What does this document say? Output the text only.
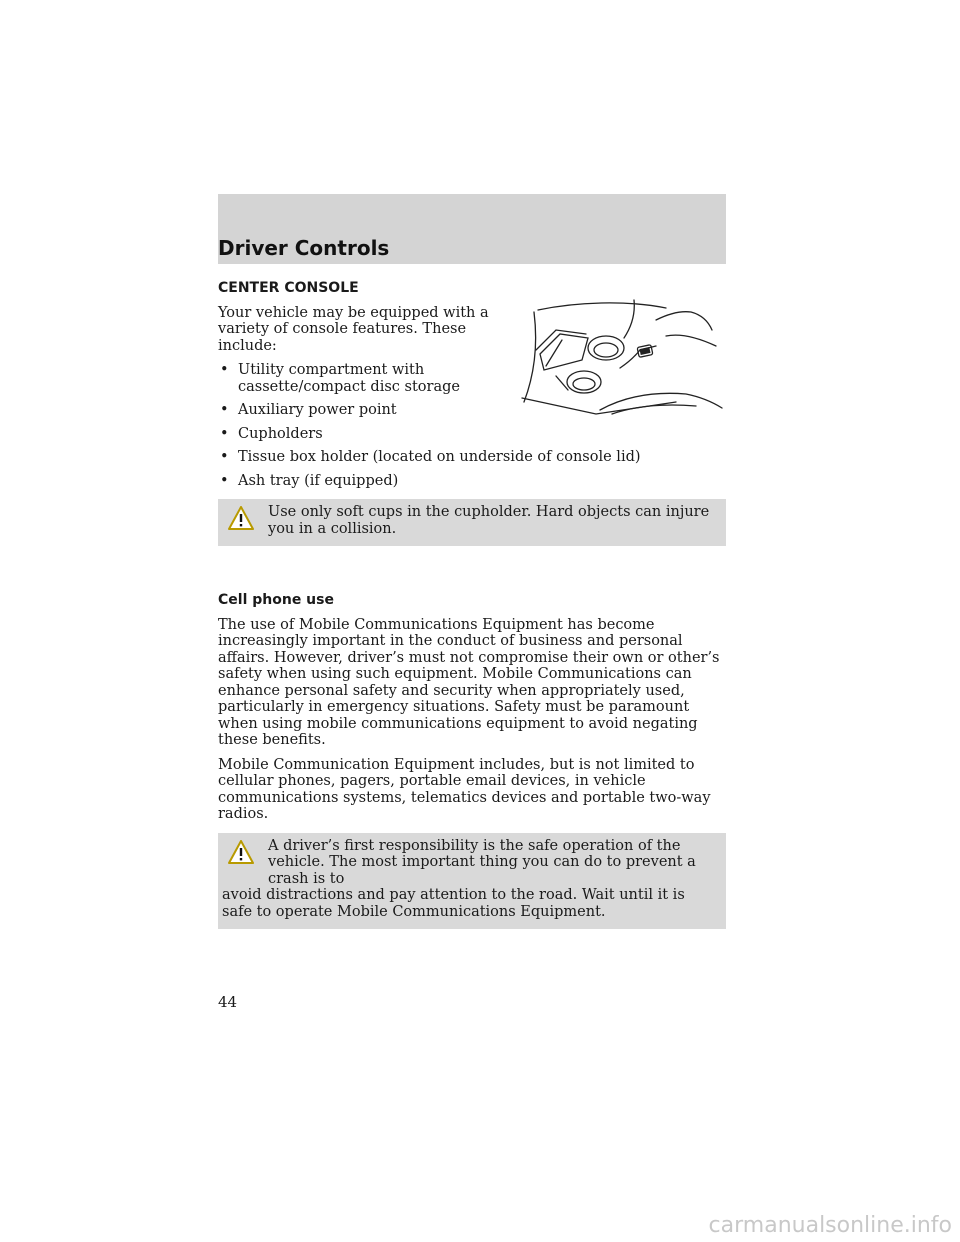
Driver Controls
CENTER CONSOLE
Your vehicle may be equipped with a variety of console features. These include:
• Utility compartment with cassette/compact disc storage
• Auxiliary power point
• Cupholders
• Tissue box holder (located on underside of console lid)
• Ash tray (if equipped)
Use only soft cups in the cupholder. Hard objects can injure you in a collision.
Cell phone use
The use of Mobile Communications Equipment has become increasingly important in the conduct of business and personal affairs. However, driver’s must not compromise their own or other’s safety when using such equipment. Mobile Communications can enhance personal safety and security when appropriately used, particularly in emergency situations. Safety must be paramount when using mobile communications equipment to avoid negating these benefits.
Mobile Communication Equipment includes, but is not limited to cellular phones, pagers, portable email devices, in vehicle communications systems, telematics devices and portable two-way radios.
A driver’s first responsibility is the safe operation of the vehicle. The most important thing you can do to prevent a crash is to
avoid distractions and pay attention to the road. Wait until it is safe to operate Mobile Communications Equipment.
44
carmanualsonline.info
